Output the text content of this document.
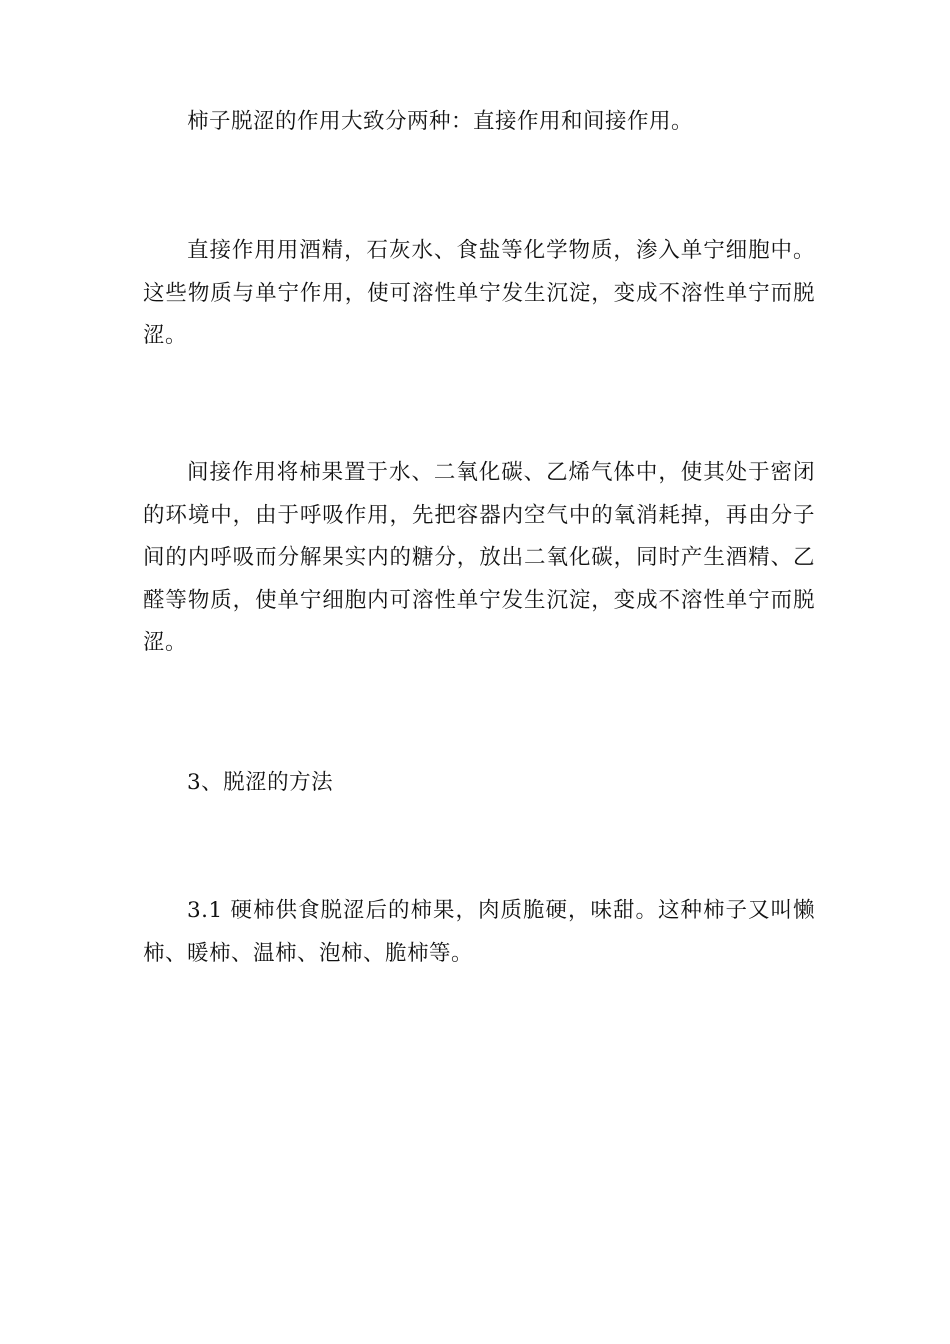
柿子脱涩的作用大致分两种：直接作用和间接作用。

直接作用用酒精，石灰水、食盐等化学物质，渗入单宁细胞中。这些物质与单宁作用，使可溶性单宁发生沉淀，变成不溶性单宁而脱涩。

间接作用将柿果置于水、二氧化碳、乙烯气体中，使其处于密闭的环境中，由于呼吸作用，先把容器内空气中的氧消耗掉，再由分子间的内呼吸而分解果实内的糖分，放出二氧化碳，同时产生酒精、乙醛等物质，使单宁细胞内可溶性单宁发生沉淀，变成不溶性单宁而脱涩。

3、脱涩的方法

3.1 硬柿供食脱涩后的柿果，肉质脆硬，味甜。这种柿子又叫懒柿、暖柿、温柿、泡柿、脆柿等。
